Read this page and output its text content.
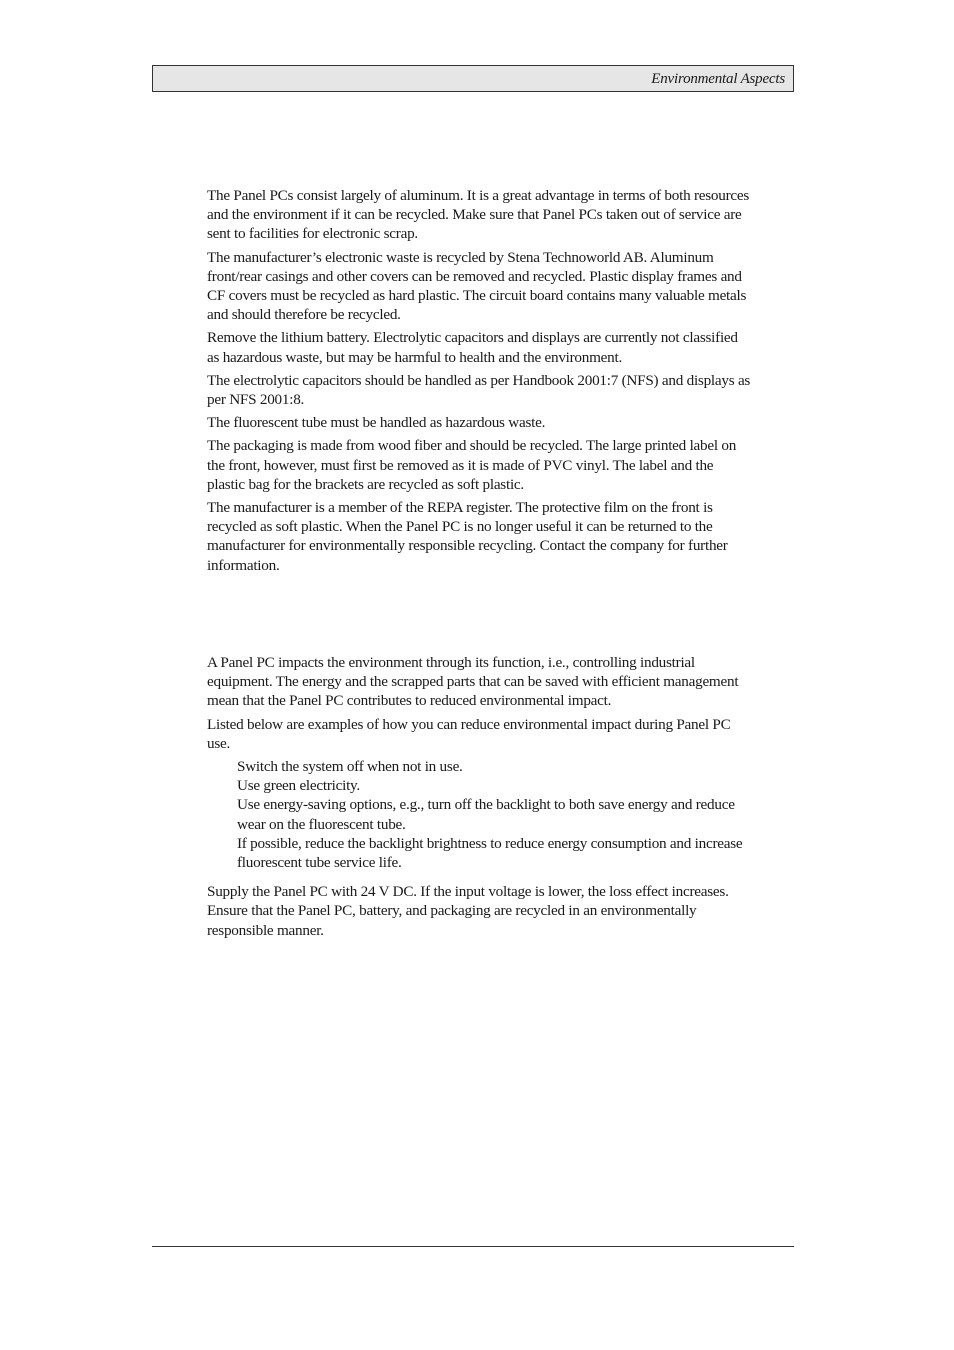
Environmental Aspects

The Panel PCs consist largely of aluminum. It is a great advantage in terms of both resources and the environment if it can be recycled. Make sure that Panel PCs taken out of service are sent to facilities for electronic scrap.

The manufacturer’s electronic waste is recycled by Stena Technoworld AB. Aluminum front/rear casings and other covers can be removed and recycled. Plastic display frames and CF covers must be recycled as hard plastic. The circuit board contains many valuable metals and should therefore be recycled.

Remove the lithium battery. Electrolytic capacitors and displays are currently not classified as hazardous waste, but may be harmful to health and the environment.

The electrolytic capacitors should be handled as per Handbook 2001:7 (NFS) and displays as per NFS 2001:8.

The fluorescent tube must be handled as hazardous waste.

The packaging is made from wood fiber and should be recycled. The large printed label on the front, however, must first be removed as it is made of PVC vinyl. The label and the plastic bag for the brackets are recycled as soft plastic.

The manufacturer is a member of the REPA register. The protective film on the front is recycled as soft plastic. When the Panel PC is no longer useful it can be returned to the manufacturer for environmentally responsible recycling. Contact the company for further information.

A Panel PC impacts the environment through its function, i.e., controlling industrial equipment. The energy and the scrapped parts that can be saved with efficient management mean that the Panel PC contributes to reduced environmental impact.

Listed below are examples of how you can reduce environmental impact during Panel PC use.

Switch the system off when not in use.
Use green electricity.
Use energy-saving options, e.g., turn off the backlight to both save energy and reduce wear on the fluorescent tube.
If possible, reduce the backlight brightness to reduce energy consumption and increase fluorescent tube service life.

Supply the Panel PC with 24 V DC. If the input voltage is lower, the loss effect increases. Ensure that the Panel PC, battery, and packaging are recycled in an environmentally responsible manner.
